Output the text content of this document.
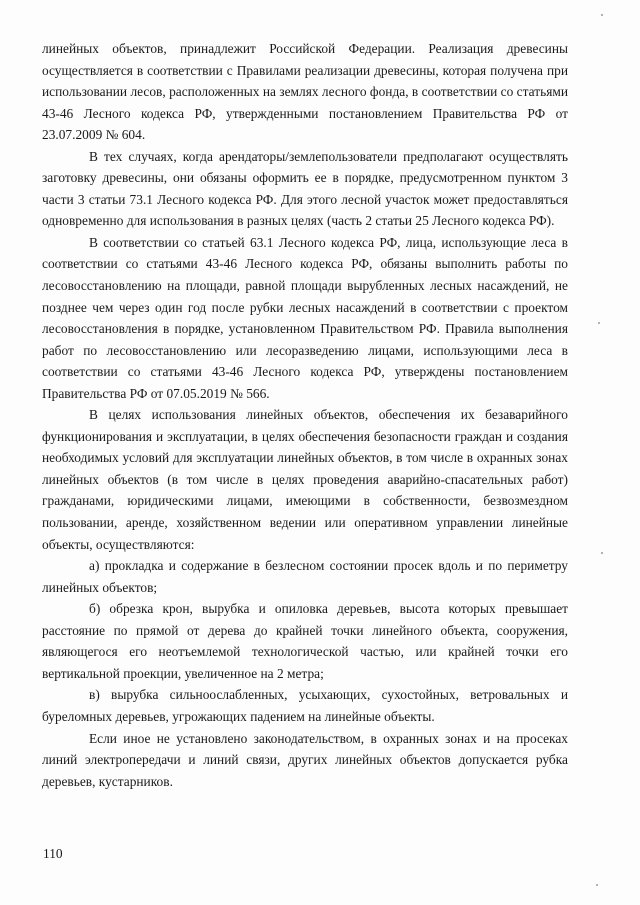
линейных объектов, принадлежит Российской Федерации. Реализация древесины осуществляется в соответствии с Правилами реализации древесины, которая получена при использовании лесов, расположенных на землях лесного фонда, в соответствии со статьями 43-46 Лесного кодекса РФ, утвержденными постановлением Правительства РФ от 23.07.2009 № 604.

В тех случаях, когда арендаторы/землепользователи предполагают осуществлять заготовку древесины, они обязаны оформить ее в порядке, предусмотренном пунктом 3 части 3 статьи 73.1 Лесного кодекса РФ. Для этого лесной участок может предоставляться одновременно для использования в разных целях (часть 2 статьи 25 Лесного кодекса РФ).

В соответствии со статьей 63.1 Лесного кодекса РФ, лица, использующие леса в соответствии со статьями 43-46 Лесного кодекса РФ, обязаны выполнить работы по лесовосстановлению на площади, равной площади вырубленных лесных насаждений, не позднее чем через один год после рубки лесных насаждений в соответствии с проектом лесовосстановления в порядке, установленном Правительством РФ. Правила выполнения работ по лесовосстановлению или лесоразведению лицами, использующими леса в соответствии со статьями 43-46 Лесного кодекса РФ, утверждены постановлением Правительства РФ от 07.05.2019 № 566.

В целях использования линейных объектов, обеспечения их безаварийного функционирования и эксплуатации, в целях обеспечения безопасности граждан и создания необходимых условий для эксплуатации линейных объектов, в том числе в охранных зонах линейных объектов (в том числе в целях проведения аварийно-спасательных работ) гражданами, юридическими лицами, имеющими в собственности, безвозмездном пользовании, аренде, хозяйственном ведении или оперативном управлении линейные объекты, осуществляются:

а) прокладка и содержание в безлесном состоянии просек вдоль и по периметру линейных объектов;

б) обрезка крон, вырубка и опиловка деревьев, высота которых превышает расстояние по прямой от дерева до крайней точки линейного объекта, сооружения, являющегося его неотъемлемой технологической частью, или крайней точки его вертикальной проекции, увеличенное на 2 метра;

в) вырубка сильноослабленных, усыхающих, сухостойных, ветровальных и буреломных деревьев, угрожающих падением на линейные объекты.

Если иное не установлено законодательством, в охранных зонах и на просеках линий электропередачи и линий связи, других линейных объектов допускается рубка деревьев, кустарников.

110
